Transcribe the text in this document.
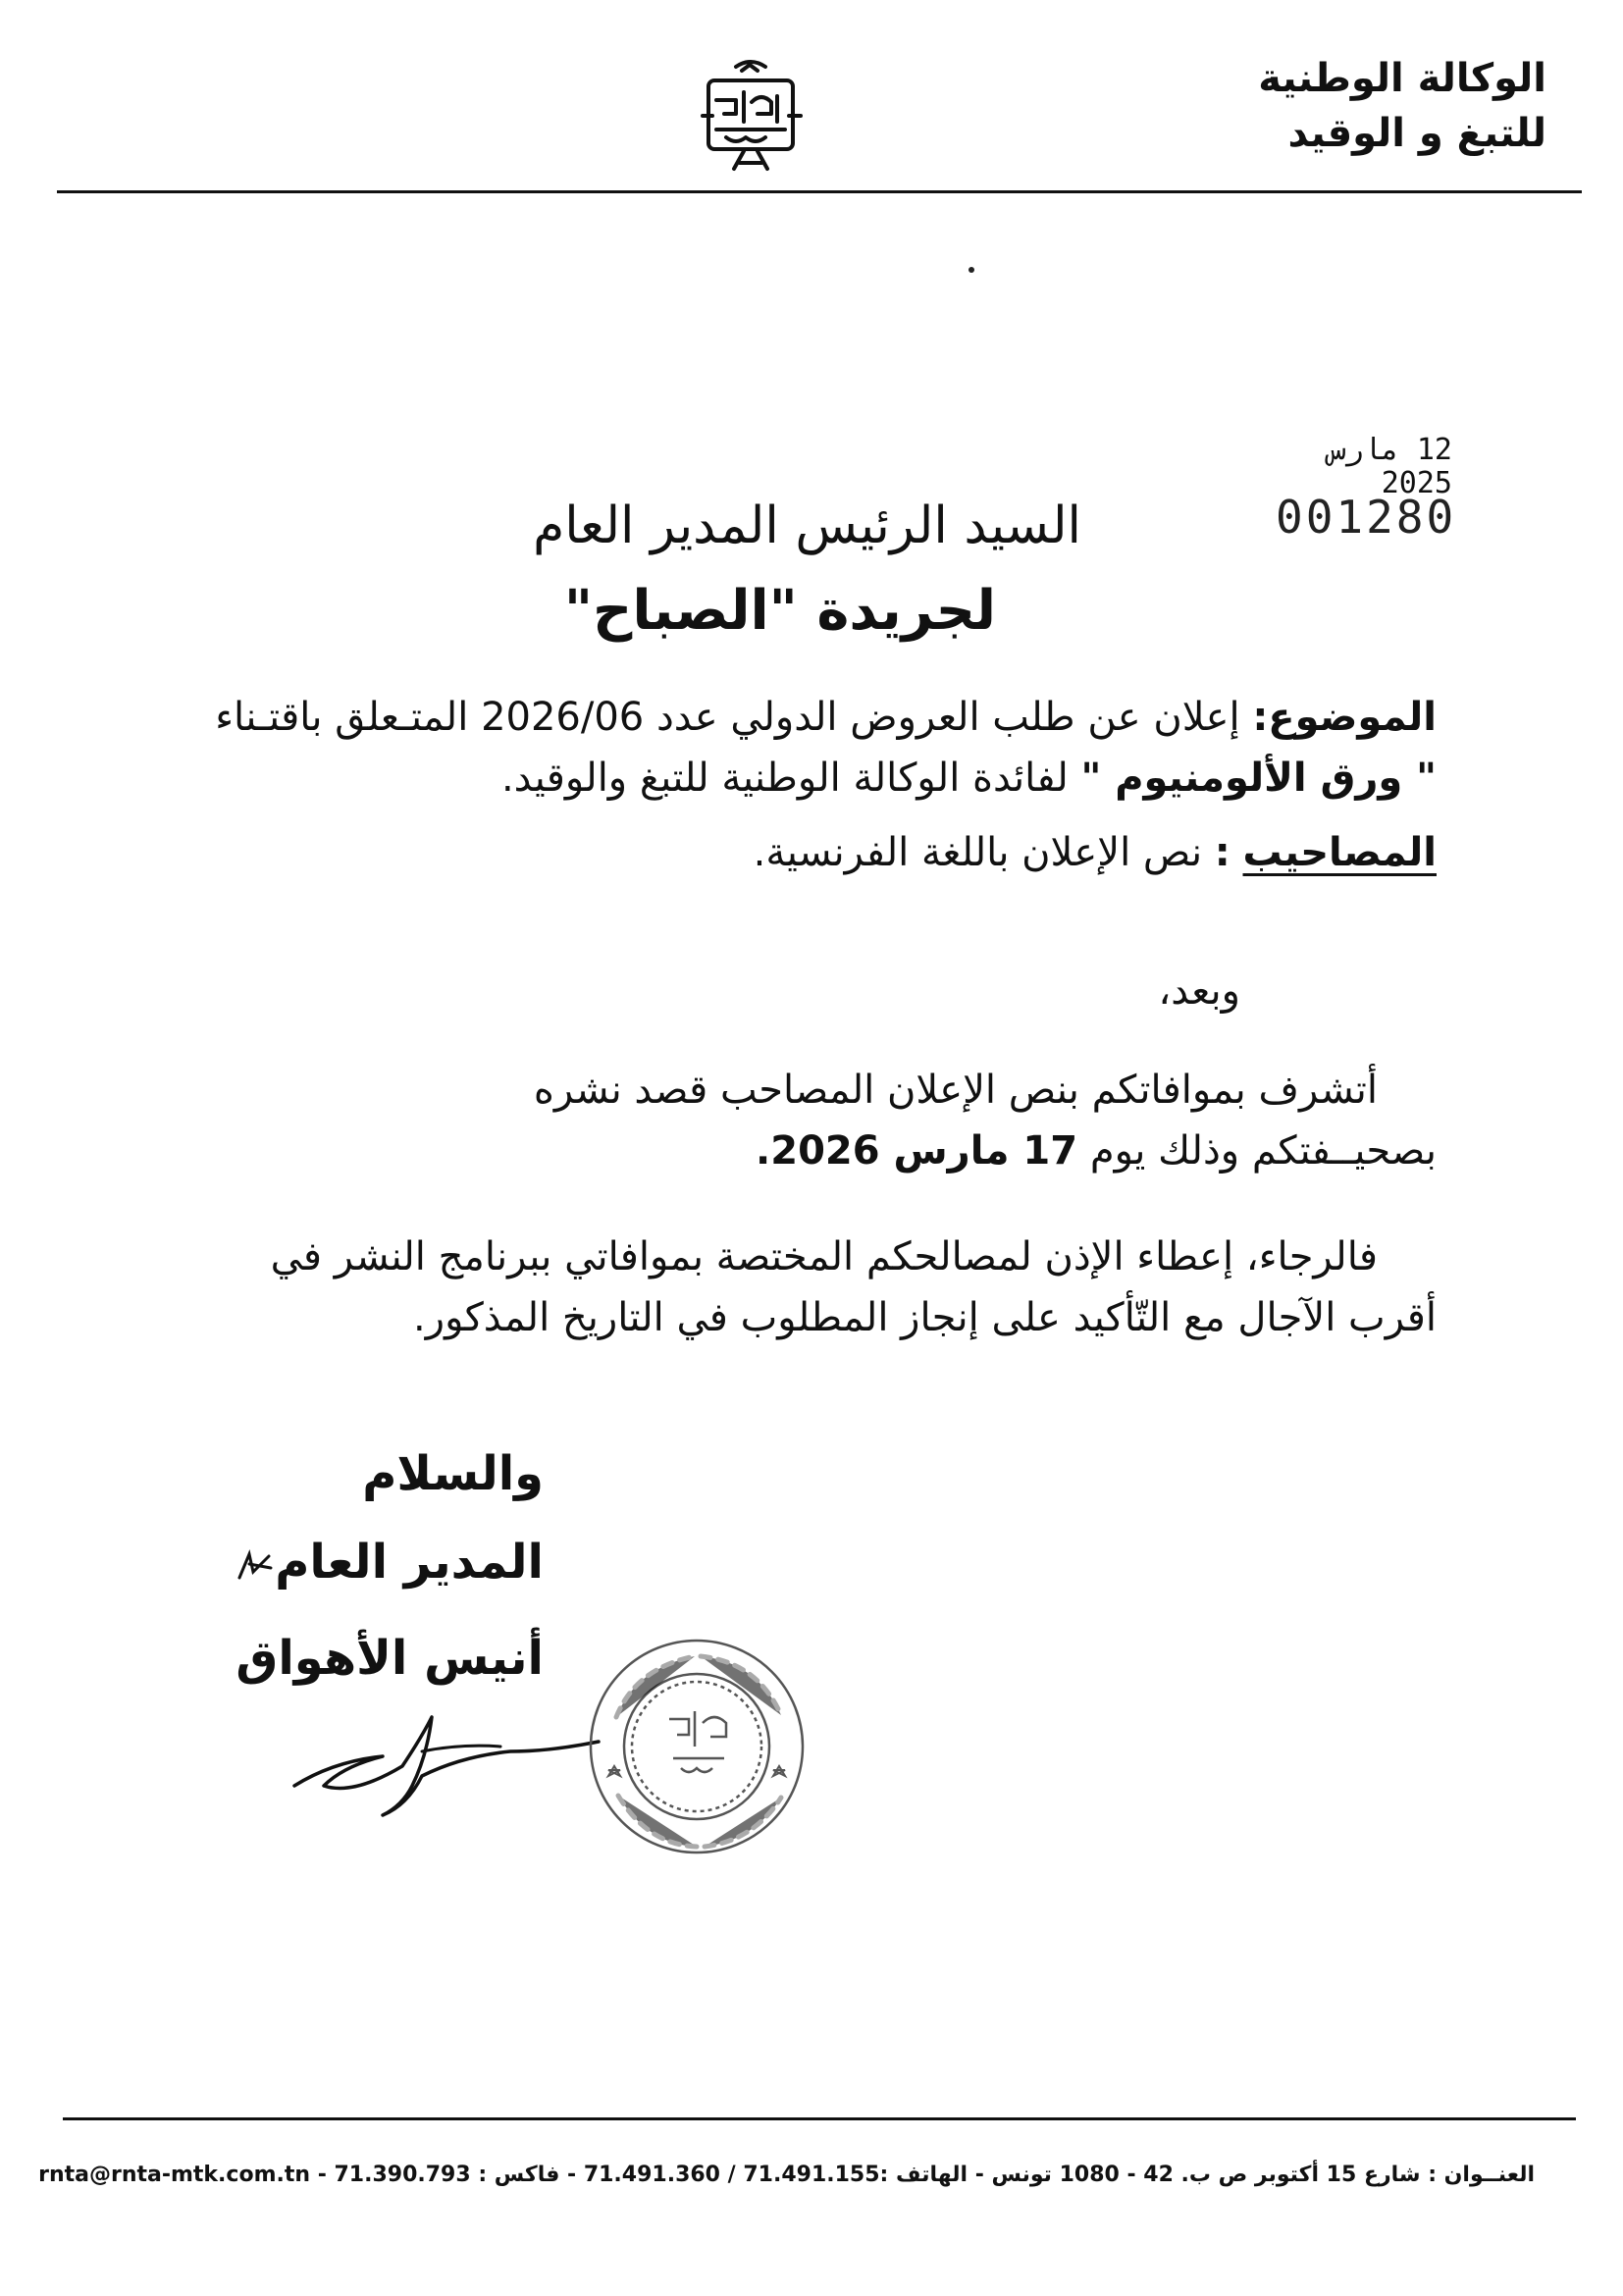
الوكالة الوطنية
للتبغ و الوقيد
12 مارس 2025
001280
السيد الرئيس المدير العام
لجريدة "الصباح"
الموضوع: إعلان عن طلب العروض الدولي عدد 2026/06 المتـعلق باقتـناء
" ورق الألومنيوم " لفائدة الوكالة الوطنية للتبغ والوقيد.
المصاحيب : نص الإعلان باللغة الفرنسية.
وبعد،
أتشرف بموافاتكم بنص الإعلان المصاحب قصد نشره
بصحيــفتكم وذلك يوم 17 مارس 2026.
فالرجاء، إعطاء الإذن لمصالحكم المختصة بموافاتي ببرنامج النشر في
أقرب الآجال مع التّأكيد على إنجاز المطلوب في التاريخ المذكور.
والسلام
المدير العام
أنيس الأهواق
العنــوان : شارع 15 أكتوبر ص ب. 42 - 1080 تونس - الهاتف :71.491.155 / 71.491.360 - فاكس : 71.390.793 - rnta@rnta-mtk.com.tn
